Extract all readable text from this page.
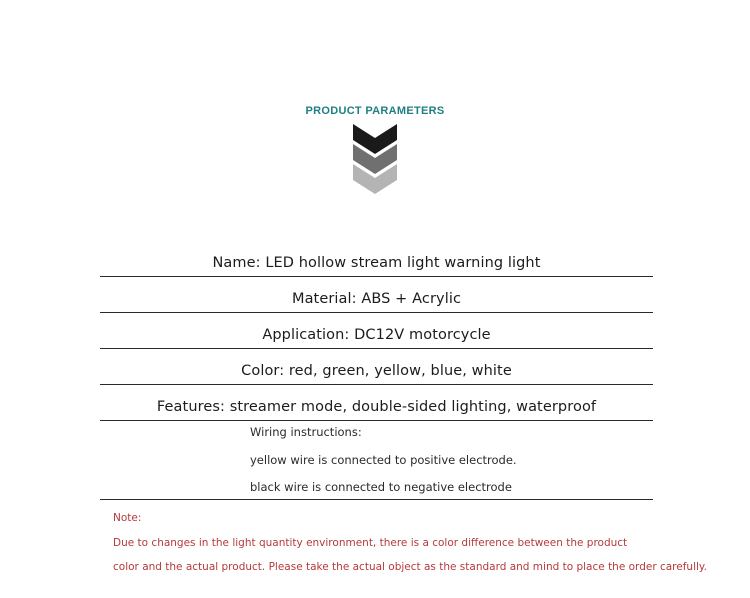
PRODUCT PARAMETERS
Name: LED hollow stream light warning light
Material: ABS + Acrylic
Application: DC12V motorcycle
Color: red, green, yellow, blue, white
Features: streamer mode, double-sided lighting, waterproof
Wiring instructions:
yellow wire is connected to positive electrode.
black wire is connected to negative electrode
Note:
Due to changes in the light quantity environment, there is a color difference between the product
color and the actual product. Please take the actual object as the standard and mind to place the order carefully.
